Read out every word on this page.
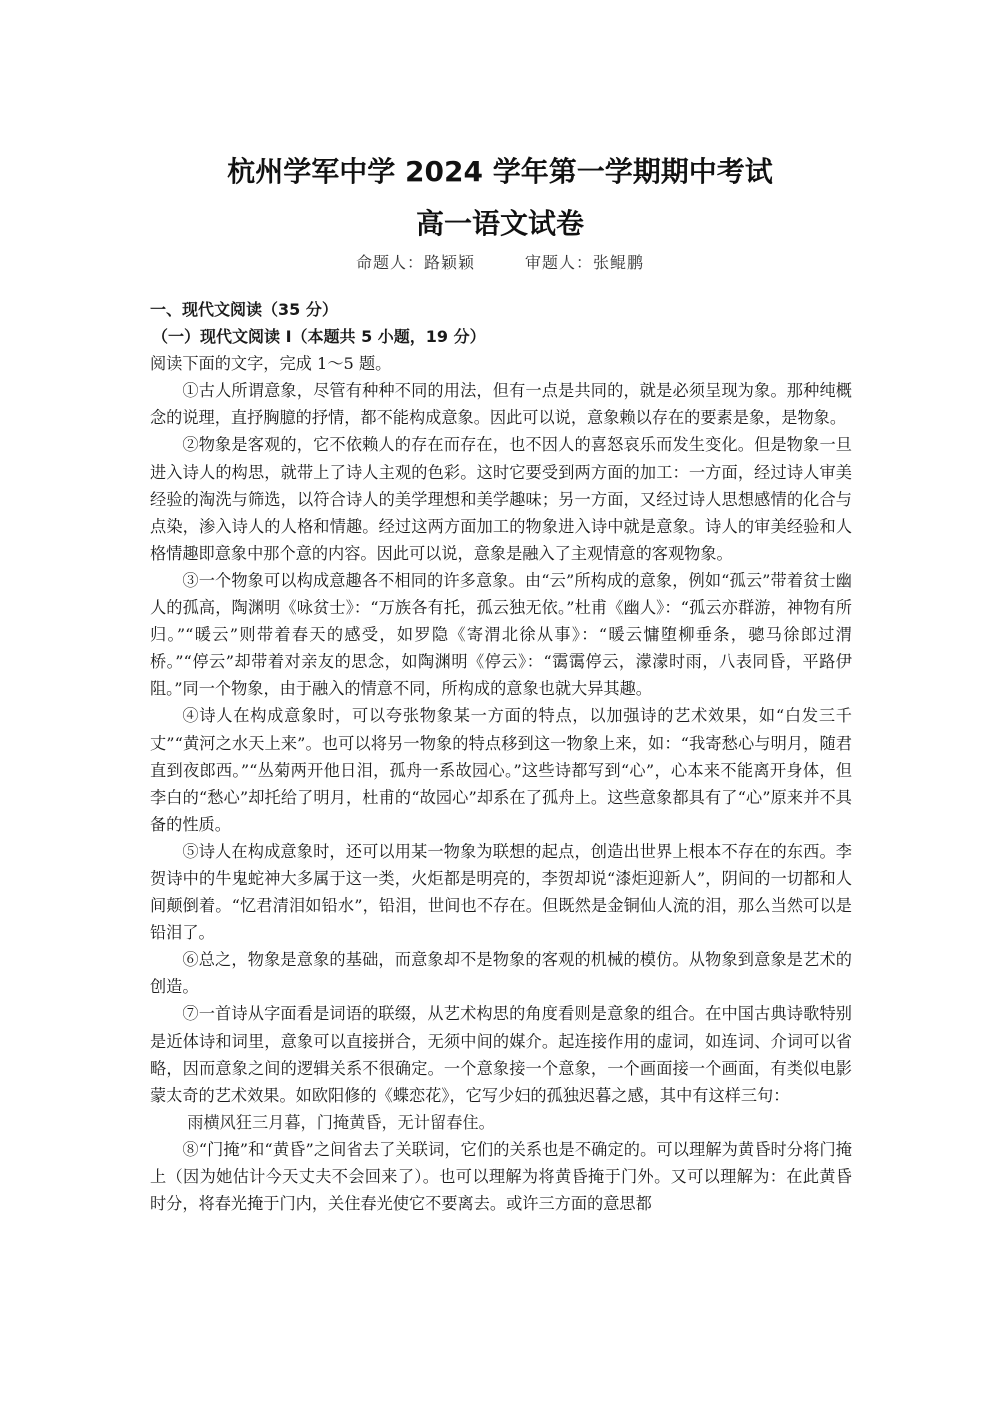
杭州学军中学 2024 学年第一学期期中考试
高一语文试卷
命题人：路颖颖	审题人：张鲲鹏
一、现代文阅读（35 分）
（一）现代文阅读 I（本题共 5 小题，19 分）
阅读下面的文字，完成 1～5 题。
①古人所谓意象，尽管有种种不同的用法，但有一点是共同的，就是必须呈现为象。那种纯概念的说理，直抒胸臆的抒情，都不能构成意象。因此可以说，意象赖以存在的要素是象，是物象。
②物象是客观的，它不依赖人的存在而存在，也不因人的喜怒哀乐而发生变化。但是物象一旦进入诗人的构思，就带上了诗人主观的色彩。这时它要受到两方面的加工：一方面，经过诗人审美经验的淘洗与筛选，以符合诗人的美学理想和美学趣味；另一方面，又经过诗人思想感情的化合与点染，渗入诗人的人格和情趣。经过这两方面加工的物象进入诗中就是意象。诗人的审美经验和人格情趣即意象中那个意的内容。因此可以说，意象是融入了主观情意的客观物象。
③一个物象可以构成意趣各不相同的许多意象。由“云”所构成的意象，例如“孤云”带着贫士幽人的孤高，陶渊明《咏贫士》：“万族各有托，孤云独无依。”杜甫《幽人》：“孤云亦群游，神物有所归。”“暖云”则带着春天的感受，如罗隐《寄渭北徐从事》：“暖云慵堕柳垂条，骢马徐郎过渭桥。”“停云”却带着对亲友的思念，如陶渊明《停云》：“霭霭停云，濛濛时雨，八表同昏，平路伊阻。”同一个物象，由于融入的情意不同，所构成的意象也就大异其趣。
④诗人在构成意象时，可以夸张物象某一方面的特点，以加强诗的艺术效果，如“白发三千丈”“黄河之水天上来”。也可以将另一物象的特点移到这一物象上来，如：“我寄愁心与明月，随君直到夜郎西。”“丛菊两开他日泪，孤舟一系故园心。”这些诗都写到“心”，心本来不能离开身体，但李白的“愁心”却托给了明月，杜甫的“故园心”却系在了孤舟上。这些意象都具有了“心”原来并不具备的性质。
⑤诗人在构成意象时，还可以用某一物象为联想的起点，创造出世界上根本不存在的东西。李贺诗中的牛鬼蛇神大多属于这一类，火炬都是明亮的，李贺却说“漆炬迎新人”，阴间的一切都和人间颠倒着。“忆君清泪如铅水”，铅泪，世间也不存在。但既然是金铜仙人流的泪，那么当然可以是铅泪了。
⑥总之，物象是意象的基础，而意象却不是物象的客观的机械的模仿。从物象到意象是艺术的创造。
⑦一首诗从字面看是词语的联缀，从艺术构思的角度看则是意象的组合。在中国古典诗歌特别是近体诗和词里，意象可以直接拼合，无须中间的媒介。起连接作用的虚词，如连词、介词可以省略，因而意象之间的逻辑关系不很确定。一个意象接一个意象，一个画面接一个画面，有类似电影蒙太奇的艺术效果。如欧阳修的《蝶恋花》，它写少妇的孤独迟暮之感，其中有这样三句：
雨横风狂三月暮，门掩黄昏，无计留春住。
⑧“门掩”和“黄昏”之间省去了关联词，它们的关系也是不确定的。可以理解为黄昏时分将门掩上（因为她估计今天丈夫不会回来了）。也可以理解为将黄昏掩于门外。又可以理解为：在此黄昏时分，将春光掩于门内，关住春光使它不要离去。或许三方面的意思都
